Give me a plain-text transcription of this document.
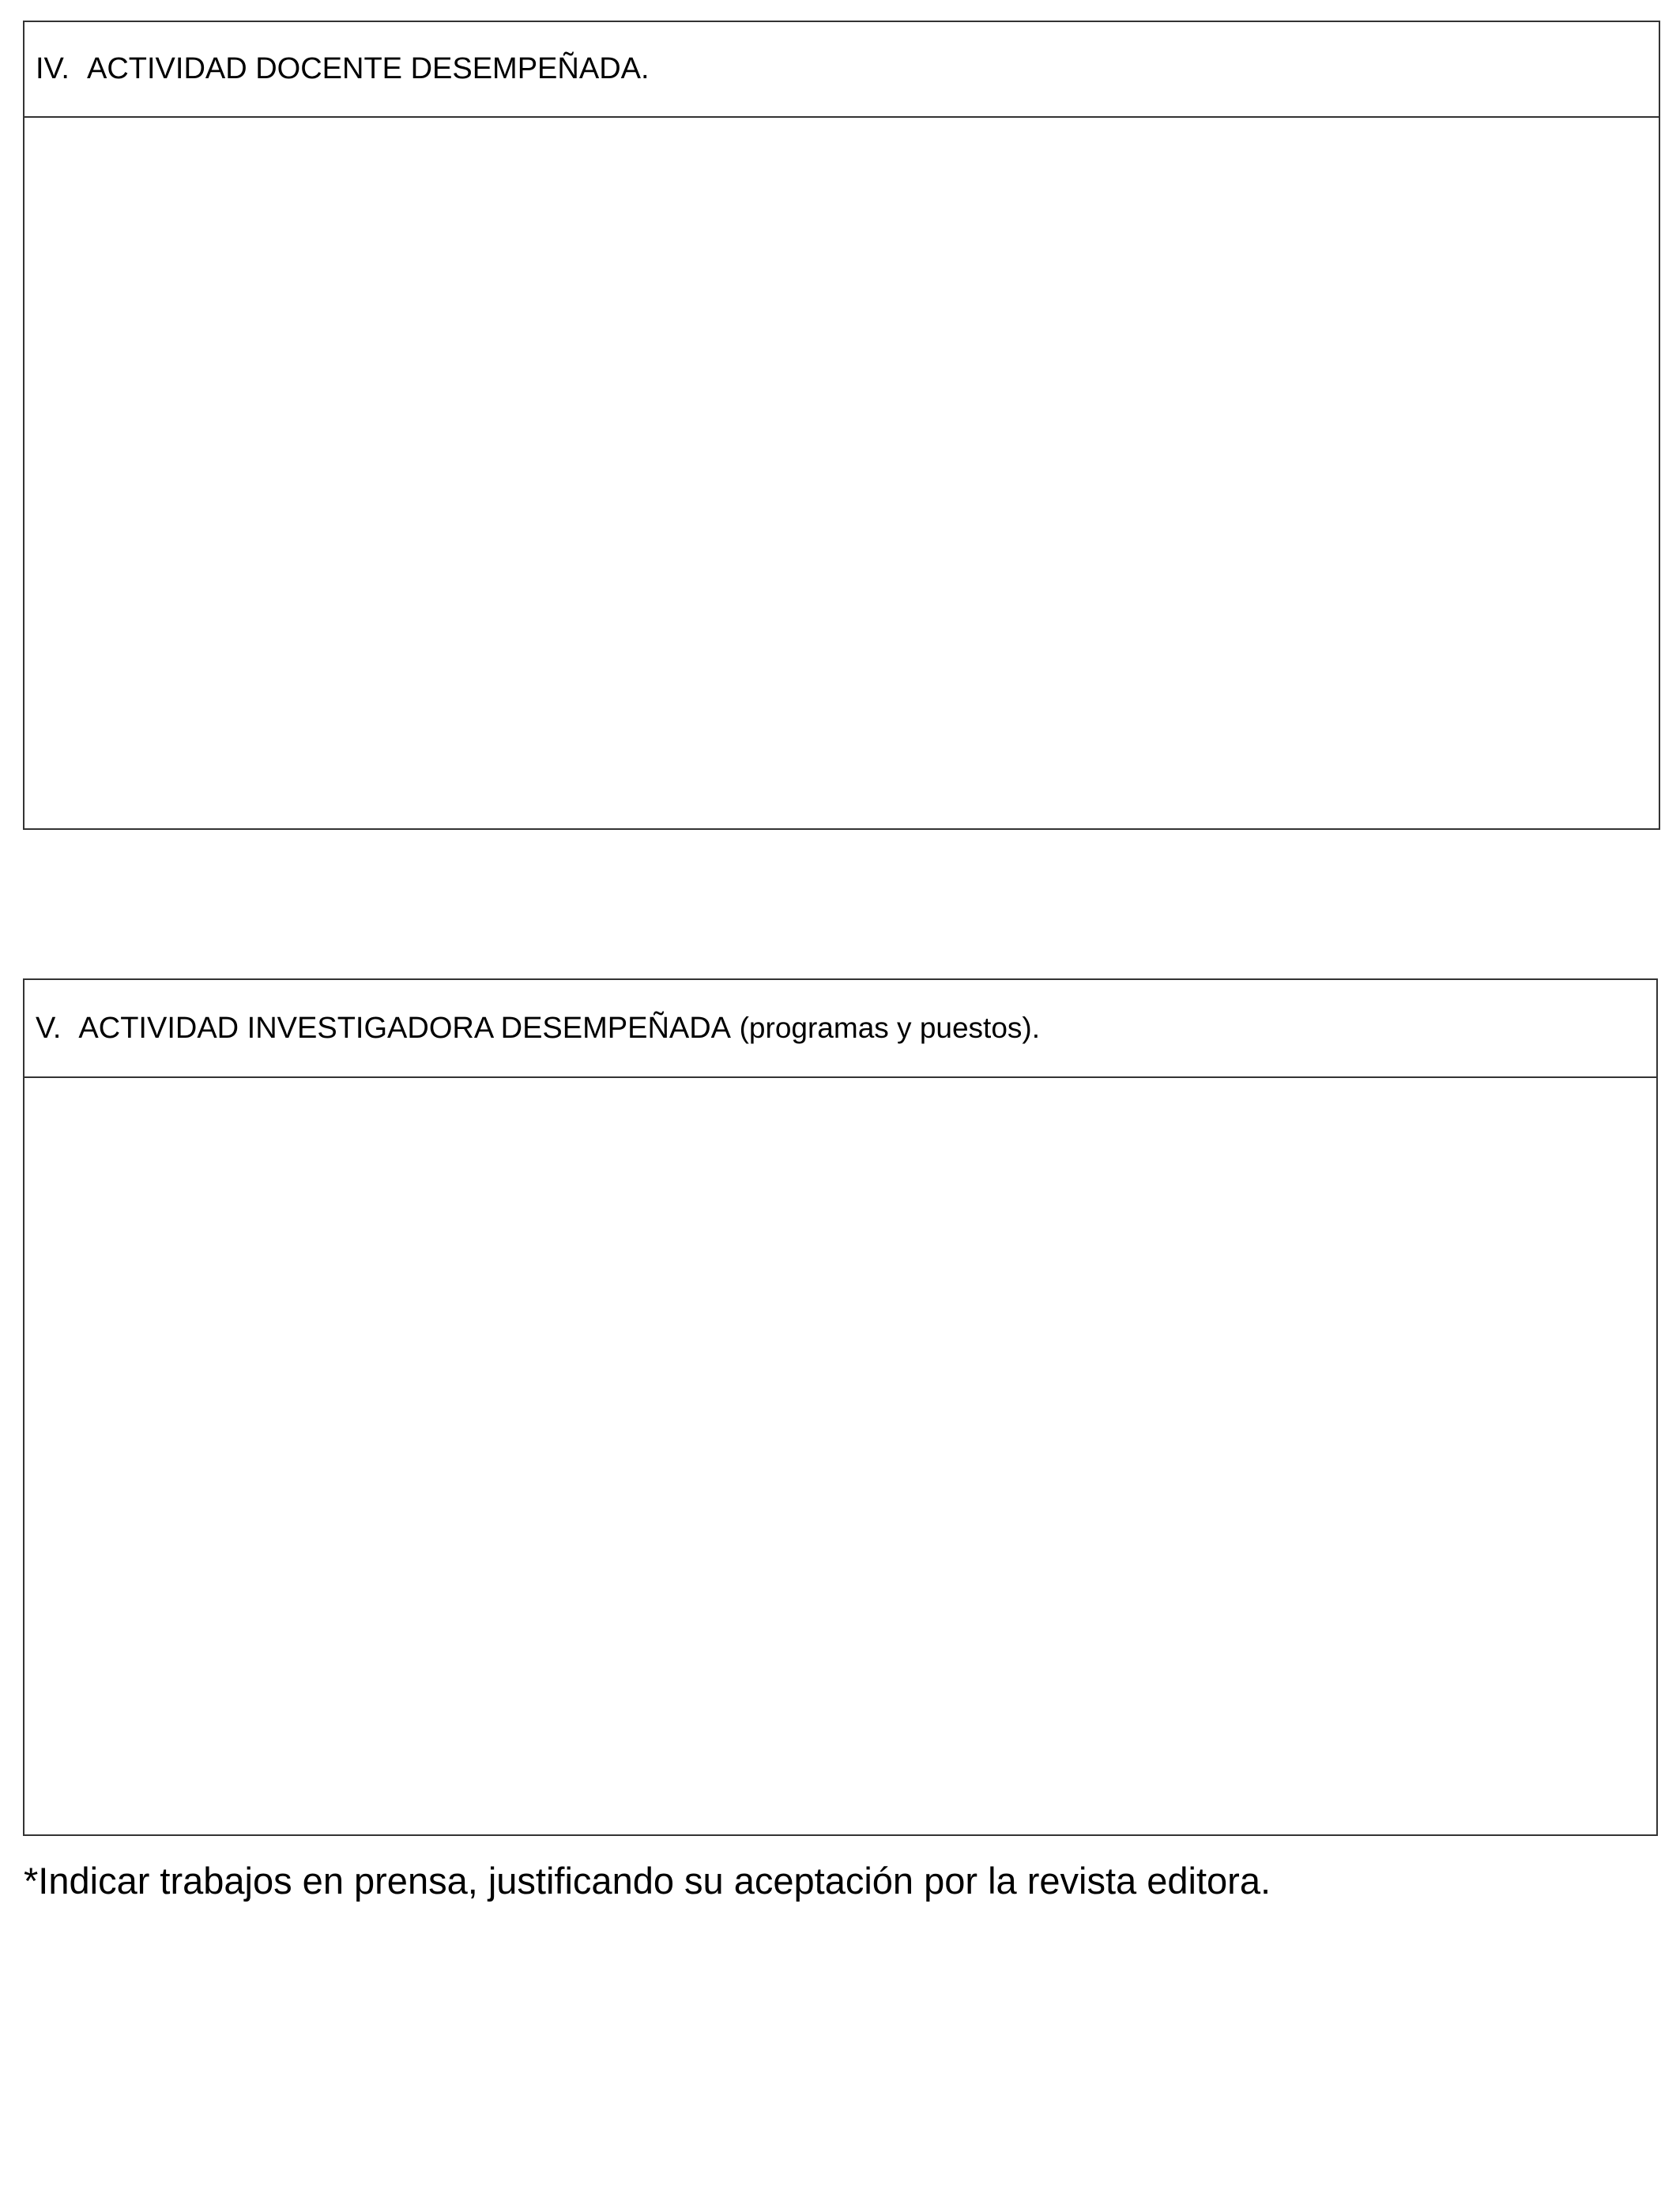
IV. ACTIVIDAD DOCENTE DESEMPEÑADA.
V. ACTIVIDAD INVESTIGADORA DESEMPEÑADA
(programas y puestos).
*Indicar trabajos en prensa, justificando su aceptación por la revista editora.
